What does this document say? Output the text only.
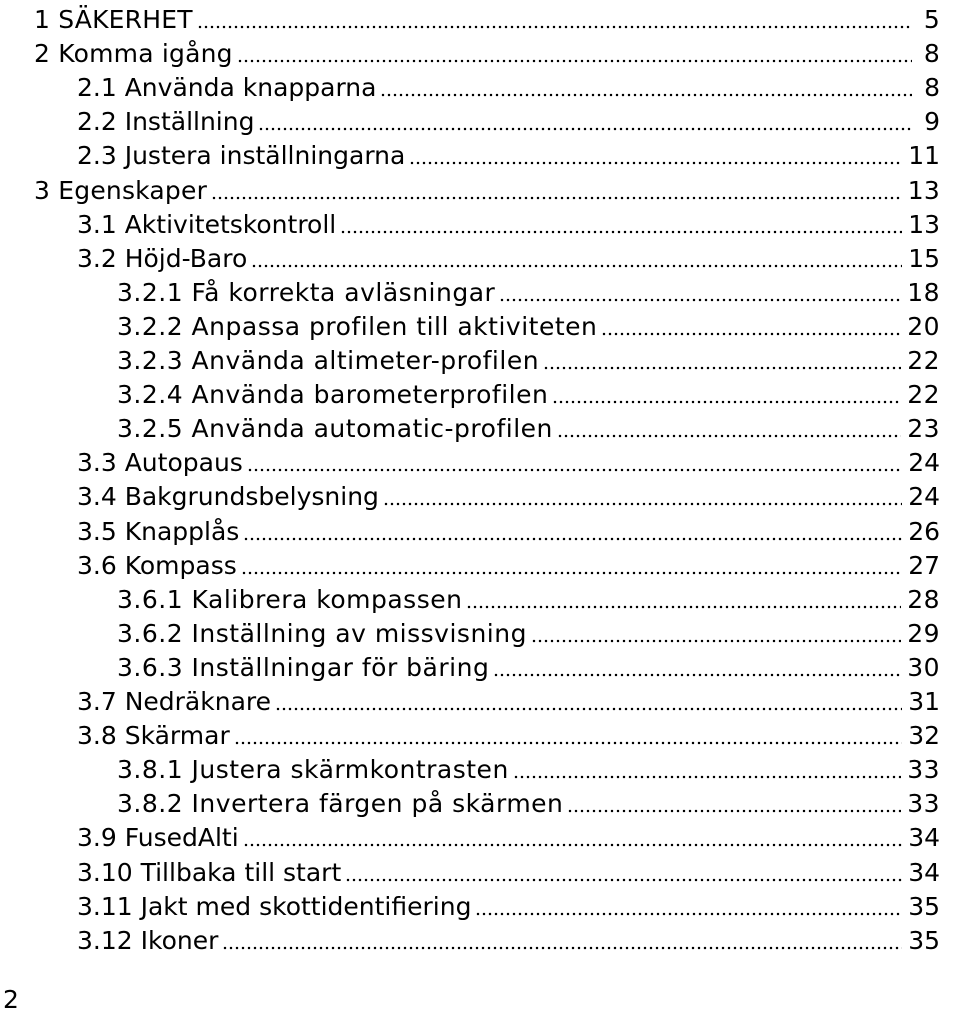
1 SÄKERHET	5
2 Komma igång	8
2.1 Använda knapparna	8
2.2 Inställning	9
2.3 Justera inställningarna	11
3 Egenskaper	13
3.1 Aktivitetskontroll	13
3.2 Höjd-Baro	15
3.2.1 Få korrekta avläsningar	18
3.2.2 Anpassa profilen till aktiviteten	20
3.2.3 Använda altimeter-profilen	22
3.2.4 Använda barometerprofilen	22
3.2.5 Använda automatic-profilen	23
3.3 Autopaus	24
3.4 Bakgrundsbelysning	24
3.5 Knapplås	26
3.6 Kompass	27
3.6.1 Kalibrera kompassen	28
3.6.2 Inställning av missvisning	29
3.6.3 Inställningar för bäring	30
3.7 Nedräknare	31
3.8 Skärmar	32
3.8.1 Justera skärmkontrasten	33
3.8.2 Invertera färgen på skärmen	33
3.9 FusedAlti	34
3.10 Tillbaka till start	34
3.11 Jakt med skottidentifiering	35
3.12 Ikoner	35
2
